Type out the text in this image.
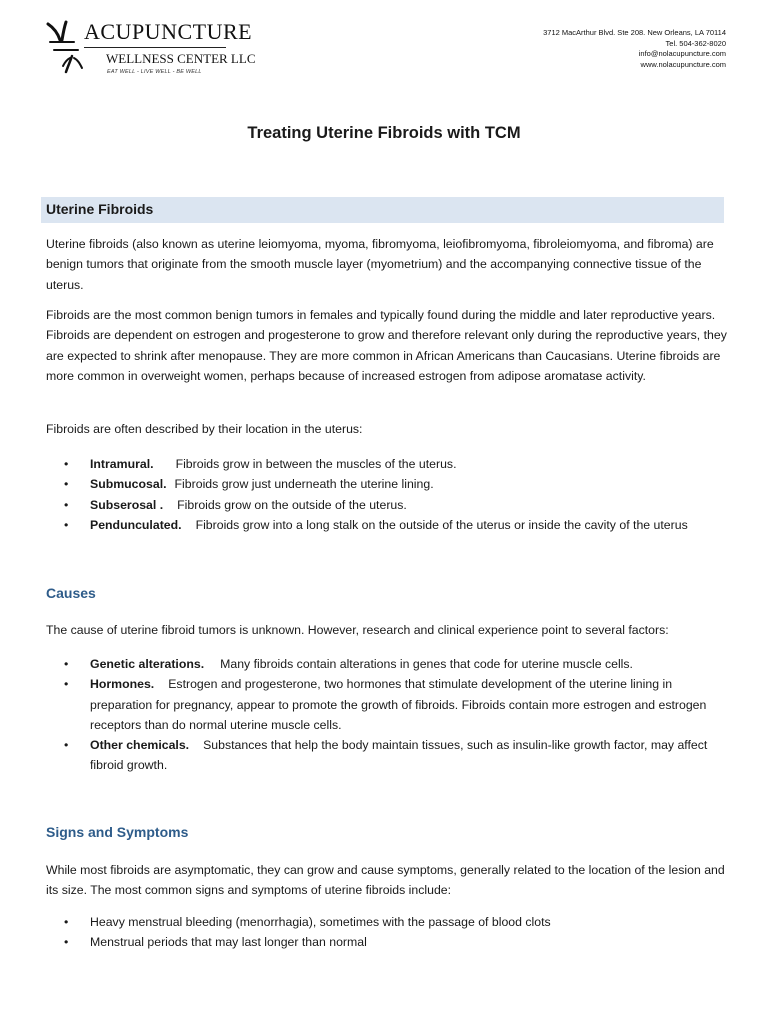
ACUPUNCTURE
WELLNESS CENTER LLC
EAT WELL - LIVE WELL - BE WELL
3712 MacArthur Blvd. Ste 208. New Orleans, LA 70114
Tel. 504-362-8020
info@nolacupuncture.com
www.nolacupuncture.com
Treating Uterine Fibroids with TCM
Uterine Fibroids

Uterine fibroids (also known as uterine leiomyoma, myoma, fibromyoma, leiofibromyoma, fibroleiomyoma, and fibroma) are benign tumors that originate from the smooth muscle layer (myometrium) and the accompanying connective tissue of the uterus.

Fibroids are the most common benign tumors in females and typically found during the middle and later reproductive years. Fibroids are dependent on estrogen and progesterone to grow and therefore relevant only during the reproductive years, they are expected to shrink after menopause. They are more common in African Americans than Caucasians. Uterine fibroids are more common in overweight women, perhaps because of increased estrogen from adipose aromatase activity.

Fibroids are often described by their location in the uterus:

• Intramural. Fibroids grow in between the muscles of the uterus.
• Submucosal. Fibroids grow just underneath the uterine lining.
• Subserosal . Fibroids grow on the outside of the uterus.
• Pendunculated. Fibroids grow into a long stalk on the outside of the uterus or inside the cavity of the uterus
Causes

The cause of uterine fibroid tumors is unknown. However, research and clinical experience point to several factors:

• Genetic alterations. Many fibroids contain alterations in genes that code for uterine muscle cells.
• Hormones. Estrogen and progesterone, two hormones that stimulate development of the uterine lining in preparation for pregnancy, appear to promote the growth of fibroids. Fibroids contain more estrogen and estrogen receptors than do normal uterine muscle cells.
• Other chemicals. Substances that help the body maintain tissues, such as insulin-like growth factor, may affect fibroid growth.
Signs and Symptoms

While most fibroids are asymptomatic, they can grow and cause symptoms, generally related to the location of the lesion and its size. The most common signs and symptoms of uterine fibroids include:

• Heavy menstrual bleeding (menorrhagia), sometimes with the passage of blood clots
• Menstrual periods that may last longer than normal
